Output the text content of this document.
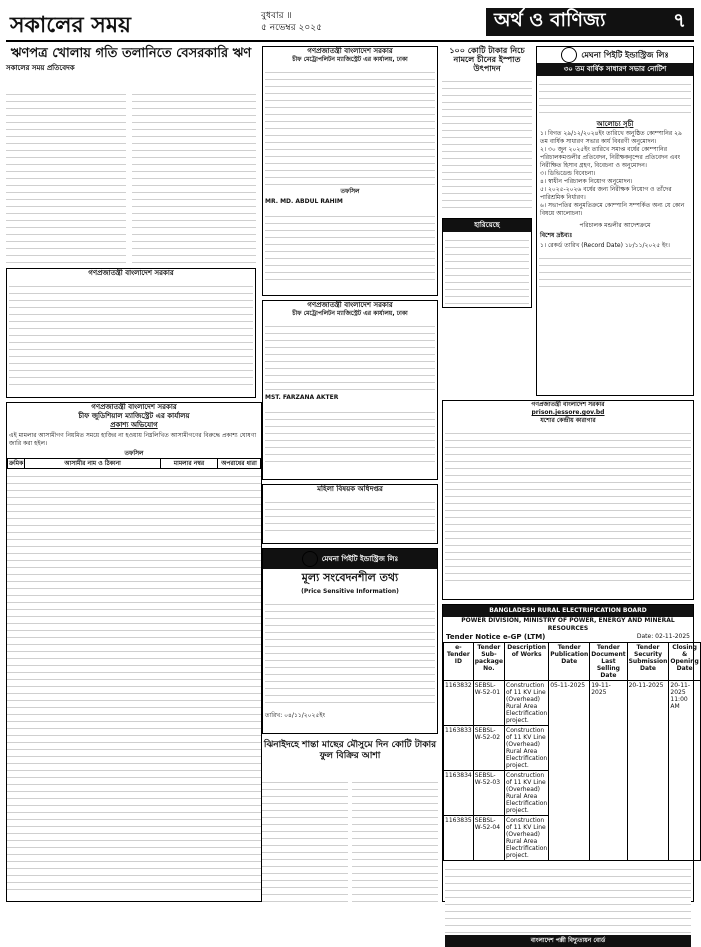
সকালের সময়	বুধবার ॥
৫ নভেম্বর ২০২৫	অর্থ ও বাণিজ্য	৭
ঋণপত্র খোলায় গতি তলানিতে বেসরকারি ঋণ
সকালের সময় প্রতিবেদক
গণপ্রজাতন্ত্রী বাংলাদেশ সরকার
গণপ্রজাতন্ত্রী বাংলাদেশ সরকার
চীফ জুডিশিয়াল ম্যাজিস্ট্রেট এর কার্যালয়
প্রকাশ্য অভিযোগ
এই মামলার আসামীগণ নিয়মিত সময়ে হাজির না হওয়ায় নিম্নলিখিত আসামীগণের বিরুদ্ধে প্রকাশ্য ঘোষণা জারি করা হইল।
তফসিল
ক্রমিক	আসামীর নাম ও ঠিকানা	মামলার নম্বর	অপরাধের ধারা
গণপ্রজাতন্ত্রী বাংলাদেশ সরকার
চীফ মেট্রোপলিটন ম্যাজিস্ট্রেট এর কার্যালয়, ঢাকা
তফসিল
MR. MD. ABDUL RAHIM
গণপ্রজাতন্ত্রী বাংলাদেশ সরকার
চীফ মেট্রোপলিটন ম্যাজিস্ট্রেট এর কার্যালয়, ঢাকা
MST. FARZANA AKTER
মহিলা বিষয়ক অধিদপ্তর
মেঘনা পিইটি ইন্ডাস্ট্রিজ লিঃ
মূল্য সংবেদনশীল তথ্য
(Price Sensitive Information)
তারিখ: ০৪/১১/২০২৫ইং
ঝিনাইদহে শান্তা মাছের মৌসুমে দিন কোটি টাকার ফুল বিক্রির আশা
১০০ কোটি টাকার নিচে নামলে চীনের ইস্পাত উৎপাদন
হারিয়েছে
মেঘনা পিইটি ইন্ডাস্ট্রিজ লিঃ
৩০ তম বার্ষিক সাধারণ সভার নোটিশ
আলোচ্য সূচী
১। বিগত ২৯/১২/২০২৪ইং তারিখে অনুষ্ঠিত কোম্পানির ২৯ তম বার্ষিক সাধারণ সভার কার্য বিবরণী অনুমোদন।
২। ৩০ জুন ২০২৫ইং তারিখে সমাপ্ত বর্ষের কোম্পানির পরিচালকমণ্ডলীর প্রতিবেদন, নিরীক্ষকবৃন্দের প্রতিবেদন এবং নিরীক্ষিত হিসাব গ্রহণ, বিবেচনা ও অনুমোদন।
৩। ডিভিডেন্ড বিবেচনা।
৪। স্বাধীন পরিচালক নিয়োগ অনুমোদন।
৫। ২০২৫-২০২৬ বর্ষের জন্য নিরীক্ষক নিয়োগ ও তাঁদের পারিশ্রমিক নির্ধারণ।
৬। সভাপতির অনুমতিক্রমে কোম্পানি সম্পর্কিত অন্য যে কোন বিষয়ে আলোচনা।
পরিচালক মন্ডলীর আদেশক্রমে
বিশেষ দ্রষ্টব্যঃ
১। রেকর্ড তারিখ (Record Date) ১৮/১১/২০২৫ ইং।
গণপ্রজাতন্ত্রী বাংলাদেশ সরকার
prison.jessore.gov.bd
যশোর কেন্দ্রীয় কারাগার
BANGLADESH RURAL ELECTRIFICATION BOARD
POWER DIVISION, MINISTRY OF POWER, ENERGY AND MINERAL RESOURCES
Tender Notice e-GP (LTM)	Date: 02-11-2025
e-Tender ID	Tender Sub-package No.	Description of Works	Tender Publication Date	Tender Document Last Selling Date	Tender Security Submission Date	Closing & Opening Date
1163832	SEBSL-W-52-01	Construction of 11 KV Line (Overhead) Rural Area Electrification project.	05-11-2025	19-11-2025	20-11-2025	20-11-2025 11:00 AM
1163833	SEBSL-W-52-02	Construction of 11 KV Line (Overhead) Rural Area Electrification project.				
1163834	SEBSL-W-52-03	Construction of 11 KV Line (Overhead) Rural Area Electrification project.				
1163835	SEBSL-W-52-04	Construction of 11 KV Line (Overhead) Rural Area Electrification project.				
বাংলাদেশ পল্লী বিদ্যুতায়ন বোর্ড
